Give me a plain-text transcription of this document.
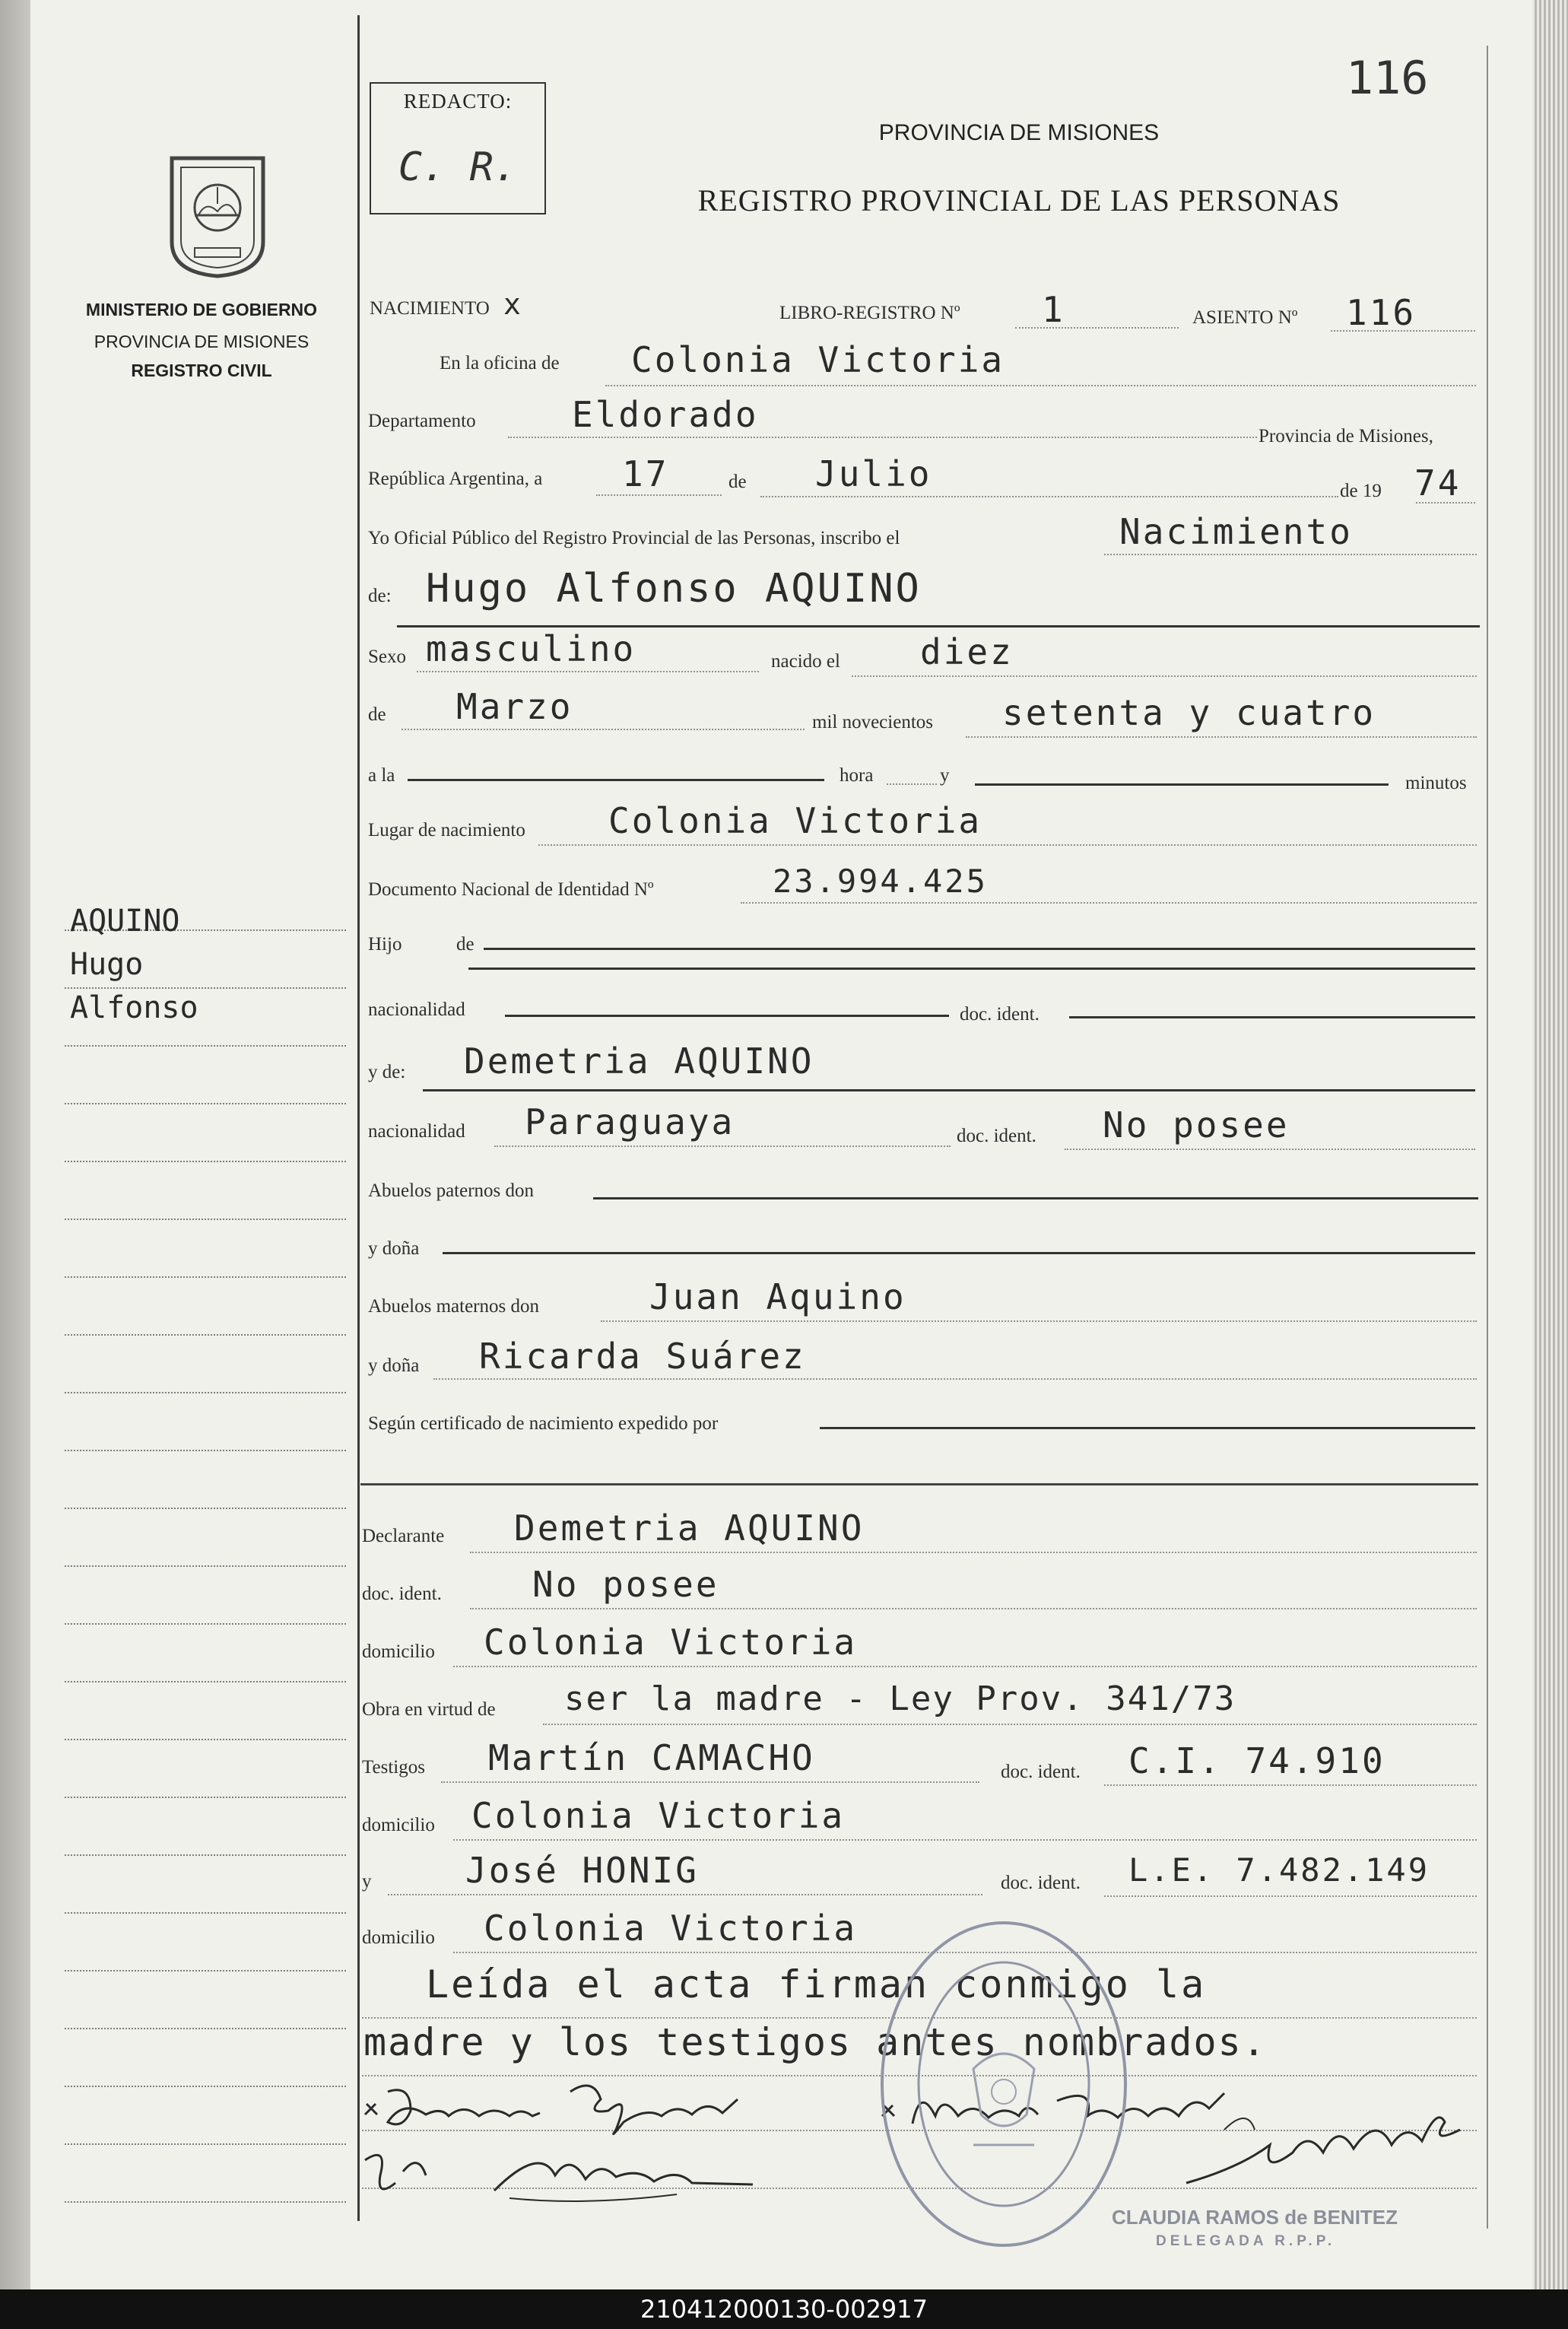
REDACTO:
C. R.
116
PROVINCIA DE MISIONES
REGISTRO PROVINCIAL DE LAS PERSONAS
MINISTERIO DE GOBIERNO
PROVINCIA DE MISIONES
REGISTRO CIVIL
AQUINO
Hugo
Alfonso
NACIMIENTO x	LIBRO-REGISTRO Nº 1	ASIENTO Nº 116
En la oficina de Colonia Victoria
Departamento	Eldorado
Provincia de Misiones,
República Argentina, a 17	de Julio	de 19 74
Yo Oficial Público del Registro Provincial de las Personas, inscribo el	Nacimiento
de: Hugo Alfonso AQUINO
Sexo masculino	nacido el diez
de Marzo	mil novecientos setenta y cuatro
a la	hora	y	minutos
Lugar de nacimiento Colonia Victoria
Documento Nacional de Identidad Nº	23.994.425
Hijo	de
nacionalidad	doc. ident.
y de: Demetria AQUINO
nacionalidad Paraguaya	doc. ident. No posee
Abuelos paternos don
y doña
Abuelos maternos don	Juan Aquino
y doña Ricarda Suárez
Según certificado de nacimiento expedido por
Declarante Demetria AQUINO
doc. ident.	No posee
domicilio Colonia Victoria
Obra en virtud de ser la madre - Ley Prov. 341/73
Testigos Martín CAMACHO	doc. ident. C.I. 74.910
domicilio Colonia Victoria
y	José HONIG	doc. ident. L.E. 7.482.149
domicilio Colonia Victoria
Leída el acta firman conmigo la
madre y los testigos antes nombrados.
CLAUDIA RAMOS de BENITEZ
DELEGADA R.P.P.
210412000130-002917
